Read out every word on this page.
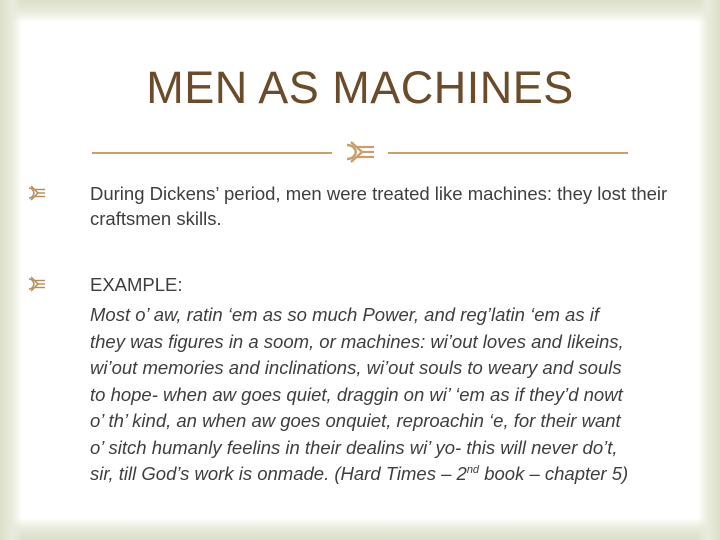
MEN AS MACHINES
During Dickens’ period, men were treated like machines: they lost their craftsmen skills.
EXAMPLE:
Most o’ aw, ratin ‘em as so much Power, and reg’latin ‘em as if
they was figures in a soom, or machines: wi’out loves and likeins,
wi’out memories and inclinations, wi’out souls to weary and souls
to hope- when aw goes quiet, draggin on wi’ ‘em as if they’d nowt
o’ th’ kind, an when aw goes onquiet, reproachin ‘e, for their want
o’ sitch humanly feelins in their dealins wi’ yo- this will never do’t,
sir, till God’s work is onmade. (Hard Times – 2nd book – chapter 5)
